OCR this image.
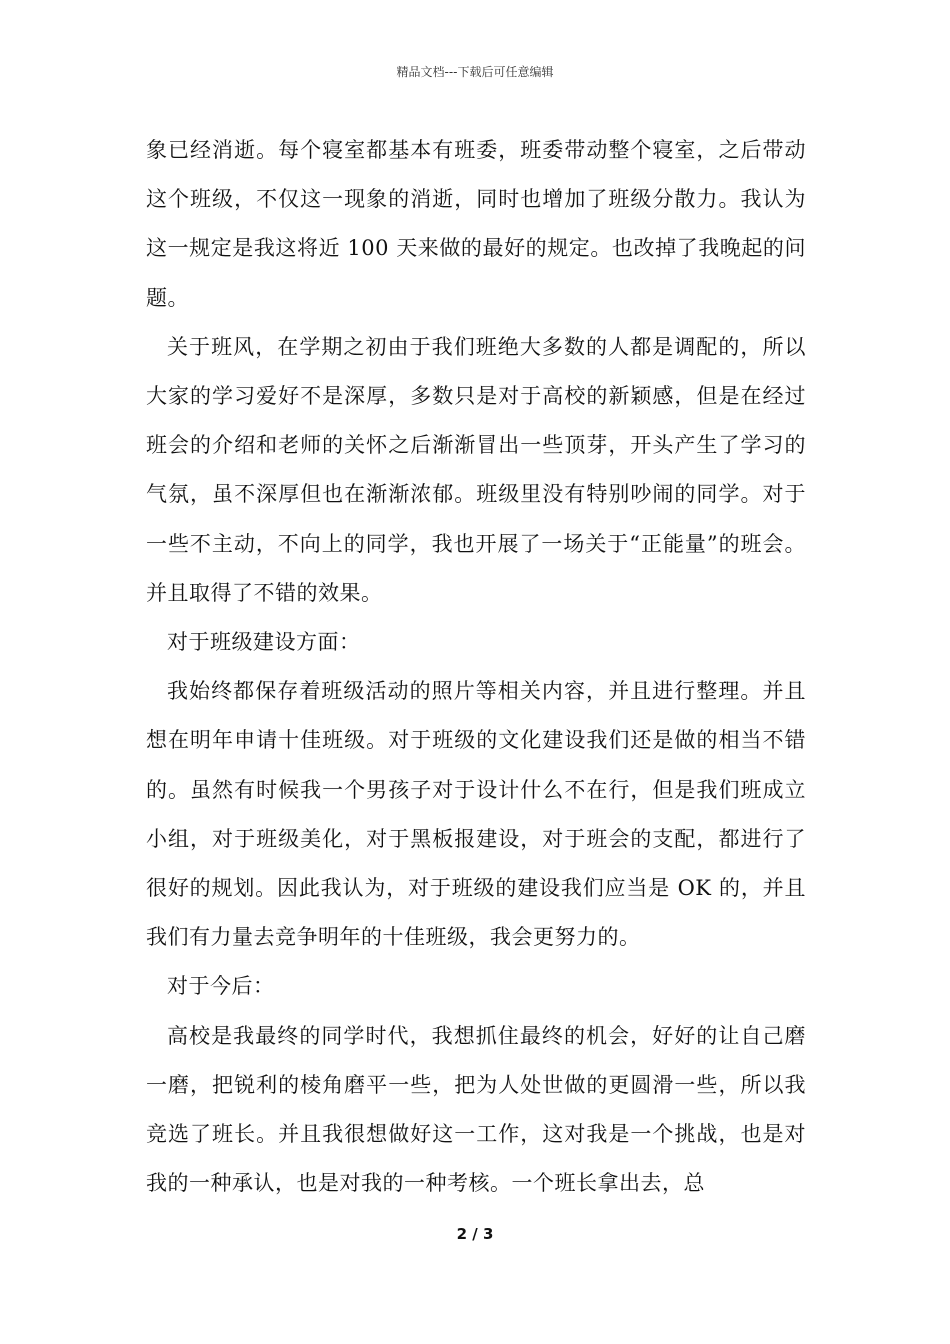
精品文档---下载后可任意编辑

象已经消逝。每个寝室都基本有班委，班委带动整个寝室，之后带动这个班级，不仅这一现象的消逝，同时也增加了班级分散力。我认为这一规定是我这将近 100 天来做的最好的规定。也改掉了我晚起的问题。

关于班风，在学期之初由于我们班绝大多数的人都是调配的，所以大家的学习爱好不是深厚，多数只是对于高校的新颖感，但是在经过班会的介绍和老师的关怀之后渐渐冒出一些顶芽，开头产生了学习的气氛，虽不深厚但也在渐渐浓郁。班级里没有特别吵闹的同学。对于一些不主动，不向上的同学，我也开展了一场关于“正能量”的班会。并且取得了不错的效果。

对于班级建设方面：

我始终都保存着班级活动的照片等相关内容，并且进行整理。并且想在明年申请十佳班级。对于班级的文化建设我们还是做的相当不错的。虽然有时候我一个男孩子对于设计什么不在行，但是我们班成立小组，对于班级美化，对于黑板报建设，对于班会的支配，都进行了很好的规划。因此我认为，对于班级的建设我们应当是 OK 的，并且我们有力量去竞争明年的十佳班级，我会更努力的。

对于今后：

高校是我最终的同学时代，我想抓住最终的机会，好好的让自己磨一磨，把锐利的棱角磨平一些，把为人处世做的更圆滑一些，所以我竞选了班长。并且我很想做好这一工作，这对我是一个挑战，也是对我的一种承认，也是对我的一种考核。一个班长拿出去，总

2 / 3
